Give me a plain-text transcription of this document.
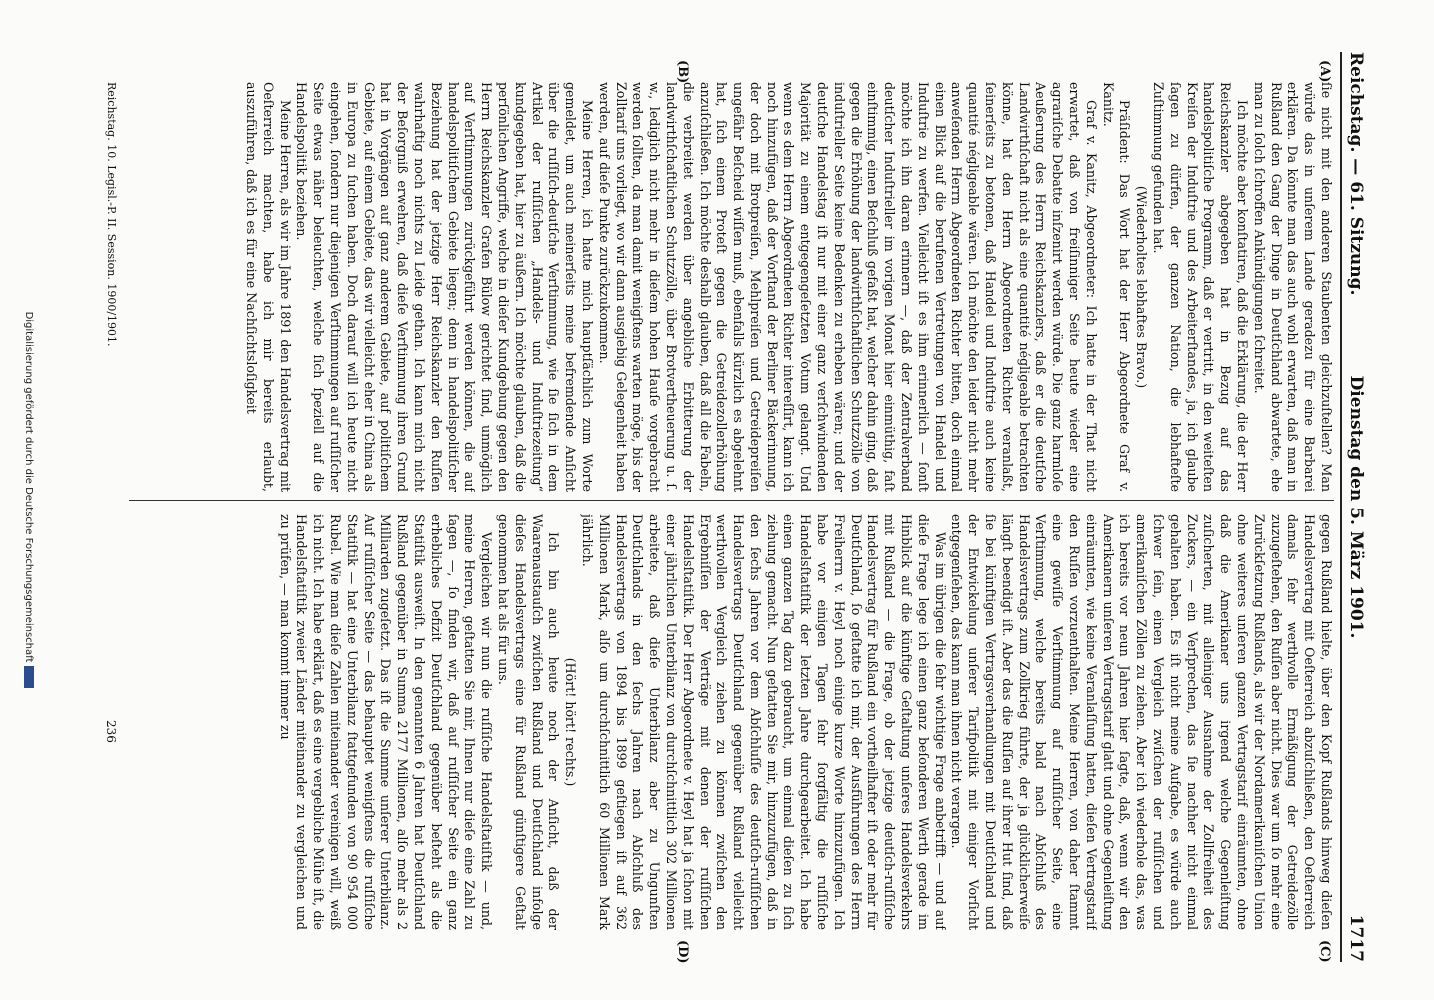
Reichstag. — 61. Sitzung.
Dienstag den 5. März 1901.
1717
(A)
(B)
(C)
(D)

ſie nicht mit den anderen Staubenten gleichzuſtellen? Man würde das in unſerem Lande geradezu für eine Barbarei erklären. Da könnte man das auch wohl erwarten, daß man in Rußland den Gang der Dinge in Deutſchland abwartete, ehe man zu ſolch ſchroffen Ankündigungen ſchreitet.

Ich möchte aber konſtatiren, daß die Erklärung, die der Herr Reichskanzler abgegeben hat in Bezug auf das handelspolitiſche Programm, daß er vertritt, in den weiteſten Kreiſen der Induſtrie und des Arbeiterſtandes, ja, ich glaube ſagen zu dürfen, der ganzen Nation, die lebhafteſte Zuſtimmung gefunden hat.

(Wiederholtes lebhaftes Bravo.)

Präſident: Das Wort hat der Herr Abgeordnete Graf v. Kanitz.

Graf v. Kanitz, Abgeordneter: Ich hatte in der That nicht erwartet, daß von freiſinniger Seite heute wieder eine agrariſche Debatte inſzenirt werden würde. Die ganz harmloſe Aeußerung des Herrn Reichskanzlers, daß er die deutſche Landwirthſchaft nicht als eine quantité négligeable betrachten könne, hat den Herrn Abgeordneten Richter veranlaßt, ſeinerſeits zu betonen, daß Handel und Induſtrie auch keine quantité négligeable wären. Ich möchte den leider nicht mehr anweſenden Herrn Abgeordneten Richter bitten, doch einmal einen Blick auf die berufenen Vertretungen von Handel und Induſtrie zu werfen. Vielleicht iſt es ihm erinnerlich — ſonſt möchte ich ihn daran erinnern —, daß der Zentralverband deutſcher Induſtrieller im vorigen Monat hier einmüthig, faſt einſtimmig, einen Beſchluß gefaßt hat, welcher dahin ging, daß gegen die Erhöhung der landwirthſchaftlichen Schutzzölle von induſtrieller Seite keine Bedenken zu erheben wären; und der deutſche Handelstag iſt nur mit einer ganz verſchwindenden Majorität zu einem entgegengeſetzten Votum gelangt. Und wenn es dem Herrn Abgeordneten Richter intereſſirt, kann ich noch hinzufügen, daß der Vorſtand der Berliner Bäckerinnung, der doch mit Brotpreiſen, Mehlpreiſen und Getreidepreiſen ungefähr Beſcheid wiſſen muß, ebenfalls kürzlich es abgelehnt hat, ſich einem Proteſt gegen die Getreidezollerhöhung anzuſchließen. Ich möchte deshalb glauben, daß all die Fabeln, die verbreitet werden über angebliche Erbitterung der landwirthſchaftlichen Schutzzölle, über Brotvertheuerung u. ſ. w., lediglich nicht mehr in dieſem hohen Hauſe vorgebracht werden ſollten, da man damit wenigſtens warten möge, bis der Zolltarif uns vorliegt, wo wir dann ausgiebig Gelegenheit haben werden, auf dieſe Punkte zurückzukommen.

Meine Herren, ich hatte mich hauptſächlich zum Worte gemeldet, um auch meinerſeits meine befremdende Anſicht über die ruſſiſch-deutſche Verſtimmung, wie ſie ſich in dem Artikel der ruſſiſchen „Handels- und Induſtriezeitung“ kundgegeben hat, hier zu äußern. Ich möchte glauben, daß die perſönlichen Angriffe, welche in dieſer Kundgebung gegen den Herrn Reichskanzler Grafen Bülow gerichtet ſind, unmöglich auf Verſtimmungen zurückgeführt werden können, die auf handelspolitiſchem Gebiete liegen; denn in handelspolitiſcher Beziehung hat der jetzige Herr Reichskanzler den Ruſſen wahrhaftig noch nichts zu Leide gethan. Ich kann mich nicht der Beſorgniß erwehren, daß dieſe Verſtimmung ihren Grund hat in Vorgängen auf ganz anderem Gebiete, auf politiſchem Gebiete, auf einem Gebiete, das wir vielleicht eher in China als in Europa zu ſuchen haben. Doch darauf will ich heute nicht eingehen, ſondern nur diejenigen Verſtimmungen auf ruſſiſcher Seite etwas näher beleuchten, welche ſich ſpeziell auf die Handelspolitik beziehen.

Meine Herren, als wir im Jahre 1891 den Handelsvertrag mit Oeſterreich machten, habe ich mir bereits erlaubt, auszuführen, daß ich es für eine Nachſichtsloſigkeit

gegen Rußland hielte, über den Kopf Rußlands hinweg dieſen Handelsvertrag mit Oeſterreich abzuſchließen, den Oeſterreich damals ſehr werthvolle Ermäßigung der Getreidezölle zuzugeſtehen, den Ruſſen aber nicht. Dies war um ſo mehr eine Zurückſetzung Rußlands, als wir der Nordamerikaniſchen Union ohne weiteres unſeren ganzen Vertragstarif einräumten, ohne daß die Amerikaner uns irgend welche Gegenleiſtung zuſicherten, mit alleiniger Ausnahme der Zollfreiheit des Zuckers, — ein Verſprechen, das ſie nachher nicht einmal gehalten haben. Es iſt nicht meine Aufgabe, es würde auch ſchwer ſein, einen Vergleich zwiſchen der ruſſiſchen und amerikaniſchen Zöllen zu ziehen. Aber ich wiederhole das, was ich bereits vor neun Jahren hier ſagte, daß, wenn wir den Amerikanern unſeren Vertragstarif glatt und ohne Gegenleiſtung einräumten, wie keine Veranlaſſung hatten, dieſen Vertragstarif den Ruſſen vorzuenthalten. Meine Herren, von daher ſtammt eine gewiſſe Verſtimmung auf ruſſiſcher Seite, eine Verſtimmung, welche bereits bald nach Abſchluß des Handelsvertrags zum Zollkrieg führte, der ja glücklicherweiſe längſt beendigt iſt. Aber das die Ruſſen auf ihrer Hut ſind, daß ſie bei künftigen Vertragsverhandlungen mit Deutſchland und der Entwickelung unſerer Tarifpolitik mit einiger Vorſicht entgegenſehen, das kann man ihnen nicht verargen.

Was im übrigen die ſehr wichtige Frage anbetrifft — und auf dieſe Frage lege ich einen ganz beſonderen Werth gerade im Hinblick auf die künftige Geſtaltung unſeres Handelsverkehrs mit Rußland — die Frage, ob der jetzige deutſch-ruſſiſche Handelsvertrag für Rußland ein vortheilhafter iſt oder mehr für Deutſchland, ſo geſtatte ich mir, der Ausführungen des Herrn Freiherrn v. Heyl noch einige kurze Worte hinzuzufügen. Ich habe vor einigen Tagen ſehr ſorgfältig die ruſſiſche Handelsſtatiſtik der letzten Jahre durchgearbeitet. Ich habe einen ganzen Tag dazu gebraucht, um einmal dieſen zu ſich ziehung gemacht. Nun geſtatten Sie mir, hinzuzufügen, daß in den ſechs Jahren vor dem Abſchluſſe des deutſch-ruſſiſchen Handelsvertrags Deutſchland gegenüber Rußland vielleicht werthvollen Vergleich ziehen zu können zwiſchen den Ergebniſſen der Verträge mit denen der ruſſiſchen Handelsſtatiſtik. Der Herr Abgeordnete v. Heyl hat ja ſchon mit einer jährlichen Unterbilanz von durchſchnittlich 302 Millionen arbeitete, daß dieſe Unterbilanz aber zu Ungunſten Deutſchlands in den ſechs Jahren nach Abſchluß des Handelsvertrags von 1894 bis 1899 geſtiegen iſt auf 362 Millionen Mark, alſo um durchſchnittlich 60 Millionen Mark jährlich.

(Hört! hört! rechts.)

Ich bin auch heute noch der Anſicht, daß der Waarenaustauſch zwiſchen Rußland und Deutſchland infolge dieſes Handelsvertrags eine für Rußland günſtigere Geſtalt genommen hat als für uns.

Vergleichen wir nun die ruſſiſche Handelsſtatiſtik — und, meine Herren, geſtatten Sie mir, Ihnen nur dieſe eine Zahl zu ſagen —, ſo finden wir, daß auf ruſſiſcher Seite ein ganz erhebliches Defizit Deutſchland gegenüber beſteht als die Statiſtik ausweiſt. In den genannten 6 Jahren hat Deutſchland Rußland gegenüber in Summa 2177 Millionen, alſo mehr als 2 Milliarden zugeſetzt. Das iſt die Summe unſerer Unterbilanz. Auf ruſſiſcher Seite — das behauptet wenigſtens die ruſſiſche Statiſtik — hat eine Unterbilanz ſtattgefunden von 90 954 000 Rubel. Wie man dieſe Zahlen miteinander vereinigen will, weiß ich nicht. Ich habe erklärt, daß es eine vergebliche Mühe iſt, die Handelsſtatiſtik zweier Länder miteinander zu vergleichen und zu prüfen, — man kommt immer zu

Reichstag. 10. Legisl.-P. II. Session. 1900/1901.
236
Digitalisierung gefördert durch die Deutsche Forschungsgemeinschaft
